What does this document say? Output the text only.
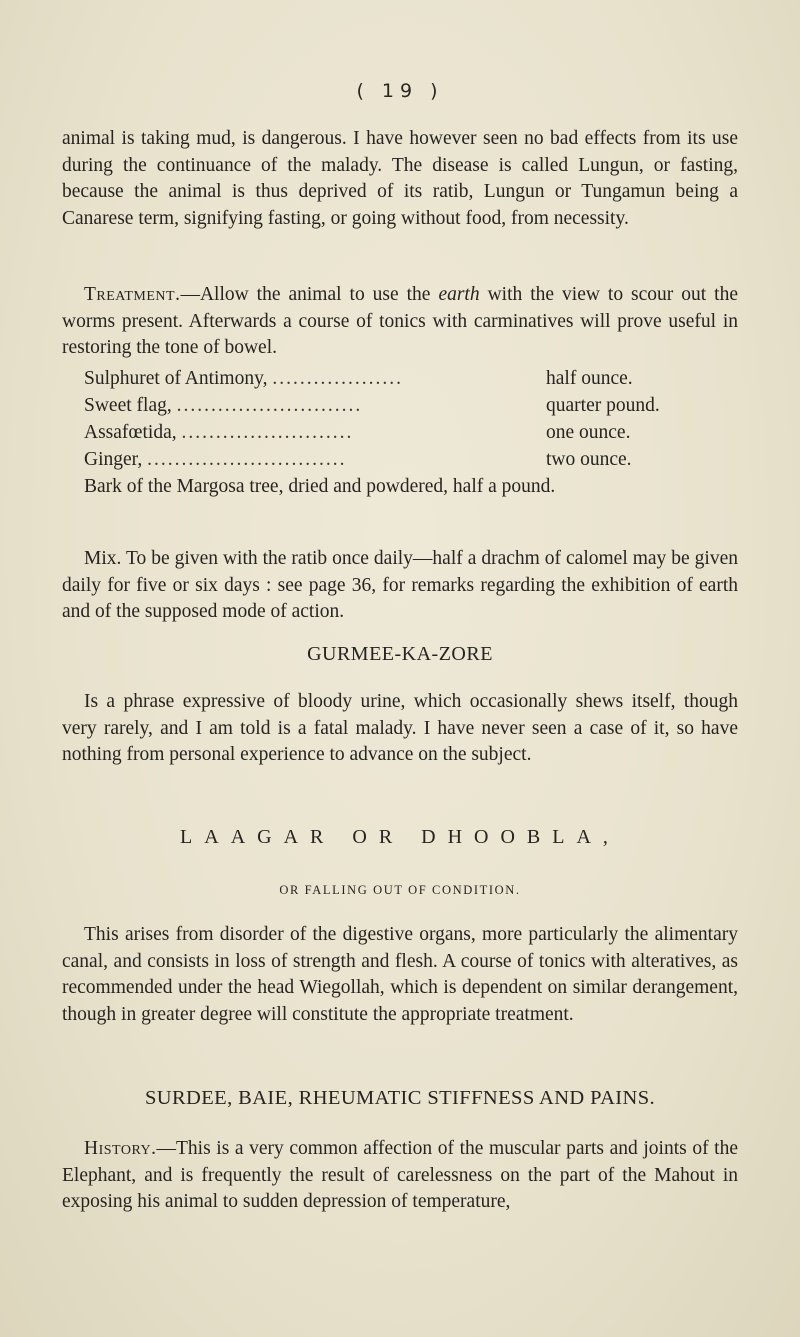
( 19 )
animal is taking mud, is dangerous. I have however seen no bad effects from its use during the continuance of the malady. The disease is called Lungun, or fasting, because the animal is thus deprived of its ratib, Lungun or Tungamun being a Canarese term, signifying fasting, or going without food, from necessity.
Treatment.—Allow the animal to use the earth with the view to scour out the worms present. Afterwards a course of tonics with carminatives will prove useful in restoring the tone of bowel.
Sulphuret of Antimony, ...................	half ounce.
Sweet flag, ...........................	quarter pound.
Assafœtida, .........................	one ounce.
Ginger, .............................	two ounce.
Bark of the Margosa tree, dried and powdered, half a pound.
Mix. To be given with the ratib once daily—half a drachm of calomel may be given daily for five or six days : see page 36, for remarks regarding the exhibition of earth and of the supposed mode of action.
GURMEE-KA-ZORE
Is a phrase expressive of bloody urine, which occasionally shews itself, though very rarely, and I am told is a fatal malady. I have never seen a case of it, so have nothing from personal experience to advance on the subject.
LAAGAR OR DHOOBLA,
OR FALLING OUT OF CONDITION.
This arises from disorder of the digestive organs, more particularly the alimentary canal, and consists in loss of strength and flesh. A course of tonics with alteratives, as recommended under the head Wiegollah, which is dependent on similar derangement, though in greater degree will constitute the appropriate treatment.
SURDEE, BAIE, RHEUMATIC STIFFNESS AND PAINS.
History.—This is a very common affection of the muscular parts and joints of the Elephant, and is frequently the result of carelessness on the part of the Mahout in exposing his animal to sudden depression of temperature,
